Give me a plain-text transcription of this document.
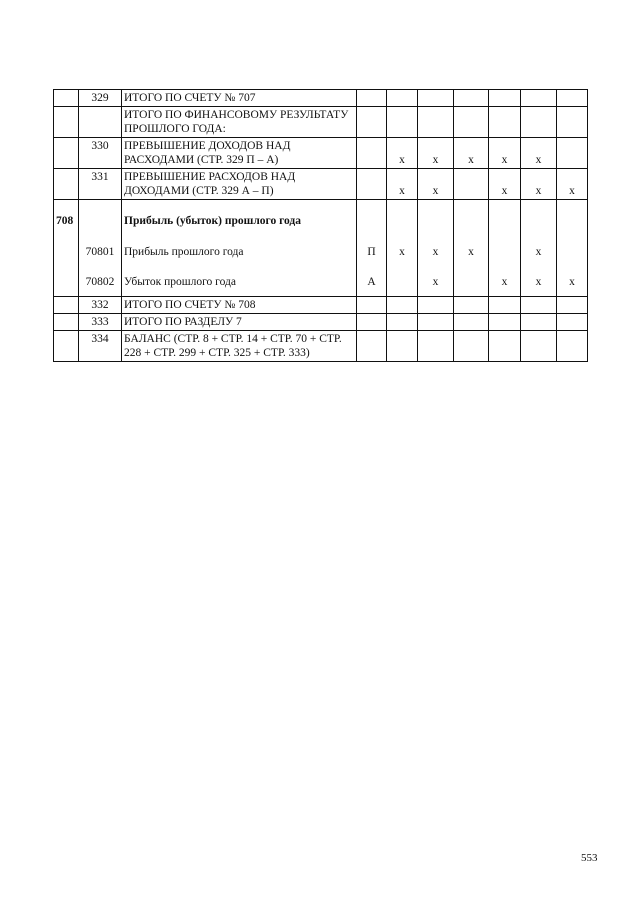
	329	ИТОГО ПО СЧЕТУ № 707							
		ИТОГО ПО ФИНАНСОВОМУ РЕЗУЛЬТАТУ ПРОШЛОГО ГОДА:							
	330	ПРЕВЫШЕНИЕ ДОХОДОВ НАД РАСХОДАМИ (СТР. 329 П – А)		х	х	х	х	х	
	331	ПРЕВЫШЕНИЕ РАСХОДОВ НАД ДОХОДАМИ (СТР. 329 А – П)		х	х		х	х	х
708		Прибыль (убыток) прошлого года							
	70801	Прибыль прошлого года	П	х	х	х		х	
	70802	Убыток прошлого года	А		х		х	х	х
	332	ИТОГО ПО СЧЕТУ № 708							
	333	ИТОГО ПО РАЗДЕЛУ 7							
	334	БАЛАНС (СТР. 8 + СТР. 14 + СТР. 70 + СТР. 228 + СТР. 299 + СТР. 325 + СТР. 333)							
553
